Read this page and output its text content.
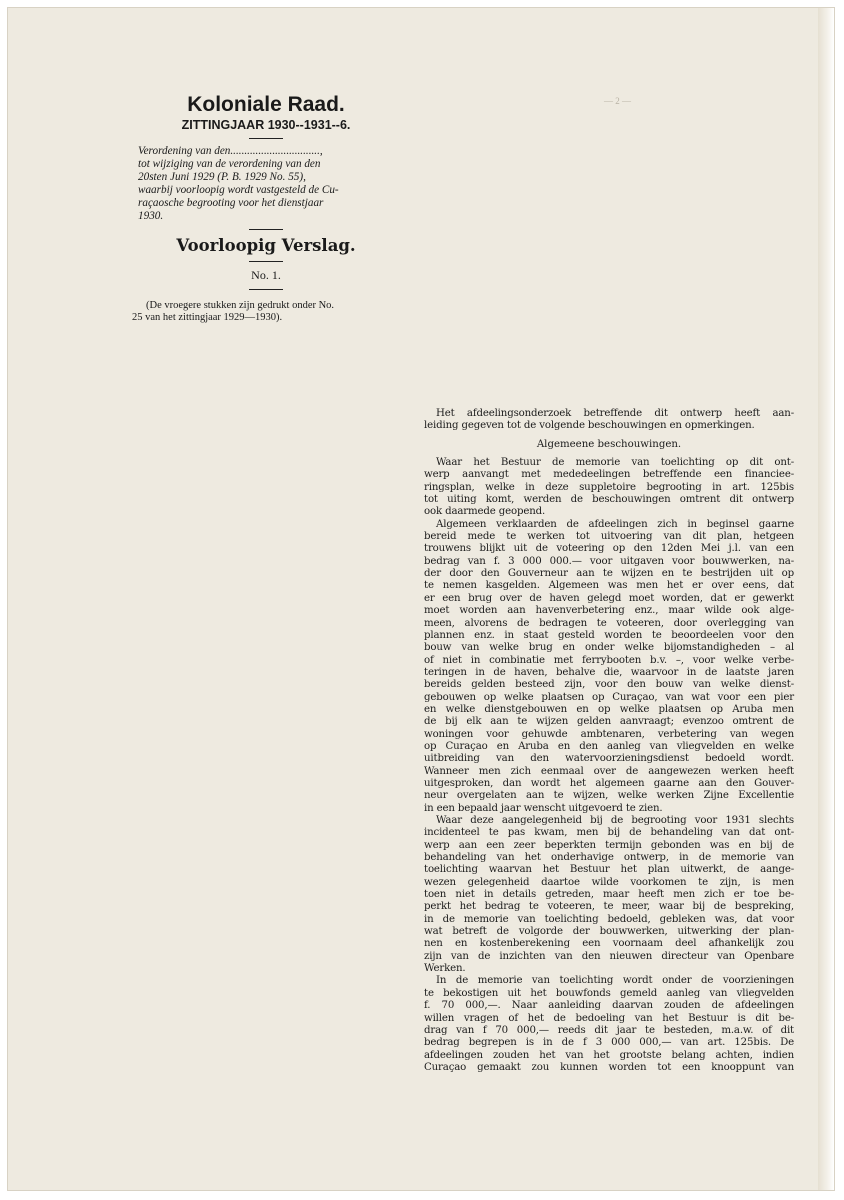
— 2 —
Koloniale Raad.
ZITTINGJAAR 1930--1931--6.
Verordening van den................................,
tot wijziging van de verordening van den
20sten Juni 1929 (P. B. 1929 No. 55),
waarbij voorloopig wordt vastgesteld de Cu-
raçaosche begrooting voor het dienstjaar
1930.
Voorloopig Verslag.
No. 1.
(De vroegere stukken zijn gedrukt onder No.
25 van het zittingjaar 1929—1930).
Het afdeelingsonderzoek betreffende dit ontwerp heeft aan-
leiding gegeven tot de volgende beschouwingen en opmerkingen.
Algemeene beschouwingen.
Waar het Bestuur de memorie van toelichting op dit ont-
werp aanvangt met mededeelingen betreffende een financiee-
ringsplan, welke in deze suppletoire begrooting in art. 125bis
tot uiting komt, werden de beschouwingen omtrent dit ontwerp
ook daarmede geopend.
Algemeen verklaarden de afdeelingen zich in beginsel gaarne
bereid mede te werken tot uitvoering van dit plan, hetgeen
trouwens blijkt uit de voteering op den 12den Mei j.l. van een
bedrag van f. 3 000 000.— voor uitgaven voor bouwwerken, na-
der door den Gouverneur aan te wijzen en te bestrijden uit op
te nemen kasgelden. Algemeen was men het er over eens, dat
er een brug over de haven gelegd moet worden, dat er gewerkt
moet worden aan havenverbetering enz., maar wilde ook alge-
meen, alvorens de bedragen te voteeren, door overlegging van
plannen enz. in staat gesteld worden te beoordeelen voor den
bouw van welke brug en onder welke bijomstandigheden – al
of niet in combinatie met ferrybooten b.v. –, voor welke verbe-
teringen in de haven, behalve die, waarvoor in de laatste jaren
bereids gelden besteed zijn, voor den bouw van welke dienst-
gebouwen op welke plaatsen op Curaçao, van wat voor een pier
en welke dienstgebouwen en op welke plaatsen op Aruba men
de bij elk aan te wijzen gelden aanvraagt; evenzoo omtrent de
woningen voor gehuwde ambtenaren, verbetering van wegen
op Curaçao en Aruba en den aanleg van vliegvelden en welke
uitbreiding van den watervoorzieningsdienst bedoeld wordt.
Wanneer men zich eenmaal over de aangewezen werken heeft
uitgesproken, dan wordt het algemeen gaarne aan den Gouver-
neur overgelaten aan te wijzen, welke werken Zijne Excellentie
in een bepaald jaar wenscht uitgevoerd te zien.
Waar deze aangelegenheid bij de begrooting voor 1931 slechts
incidenteel te pas kwam, men bij de behandeling van dat ont-
werp aan een zeer beperkten termijn gebonden was en bij de
behandeling van het onderhavige ontwerp, in de memorie van
toelichting waarvan het Bestuur het plan uitwerkt, de aange-
wezen gelegenheid daartoe wilde voorkomen te zijn, is men
toen niet in details getreden, maar heeft men zich er toe be-
perkt het bedrag te voteeren, te meer, waar bij de bespreking,
in de memorie van toelichting bedoeld, gebleken was, dat voor
wat betreft de volgorde der bouwwerken, uitwerking der plan-
nen en kostenberekening een voornaam deel afhankelijk zou
zijn van de inzichten van den nieuwen directeur van Openbare
Werken.
In de memorie van toelichting wordt onder de voorzieningen
te bekostigen uit het bouwfonds gemeld aanleg van vliegvelden
f. 70 000,—. Naar aanleiding daarvan zouden de afdeelingen
willen vragen of het de bedoeling van het Bestuur is dit be-
drag van f 70 000,— reeds dit jaar te besteden, m.a.w. of dit
bedrag begrepen is in de f 3 000 000,— van art. 125bis. De
afdeelingen zouden het van het grootste belang achten, indien
Curaçao gemaakt zou kunnen worden tot een knooppunt van
